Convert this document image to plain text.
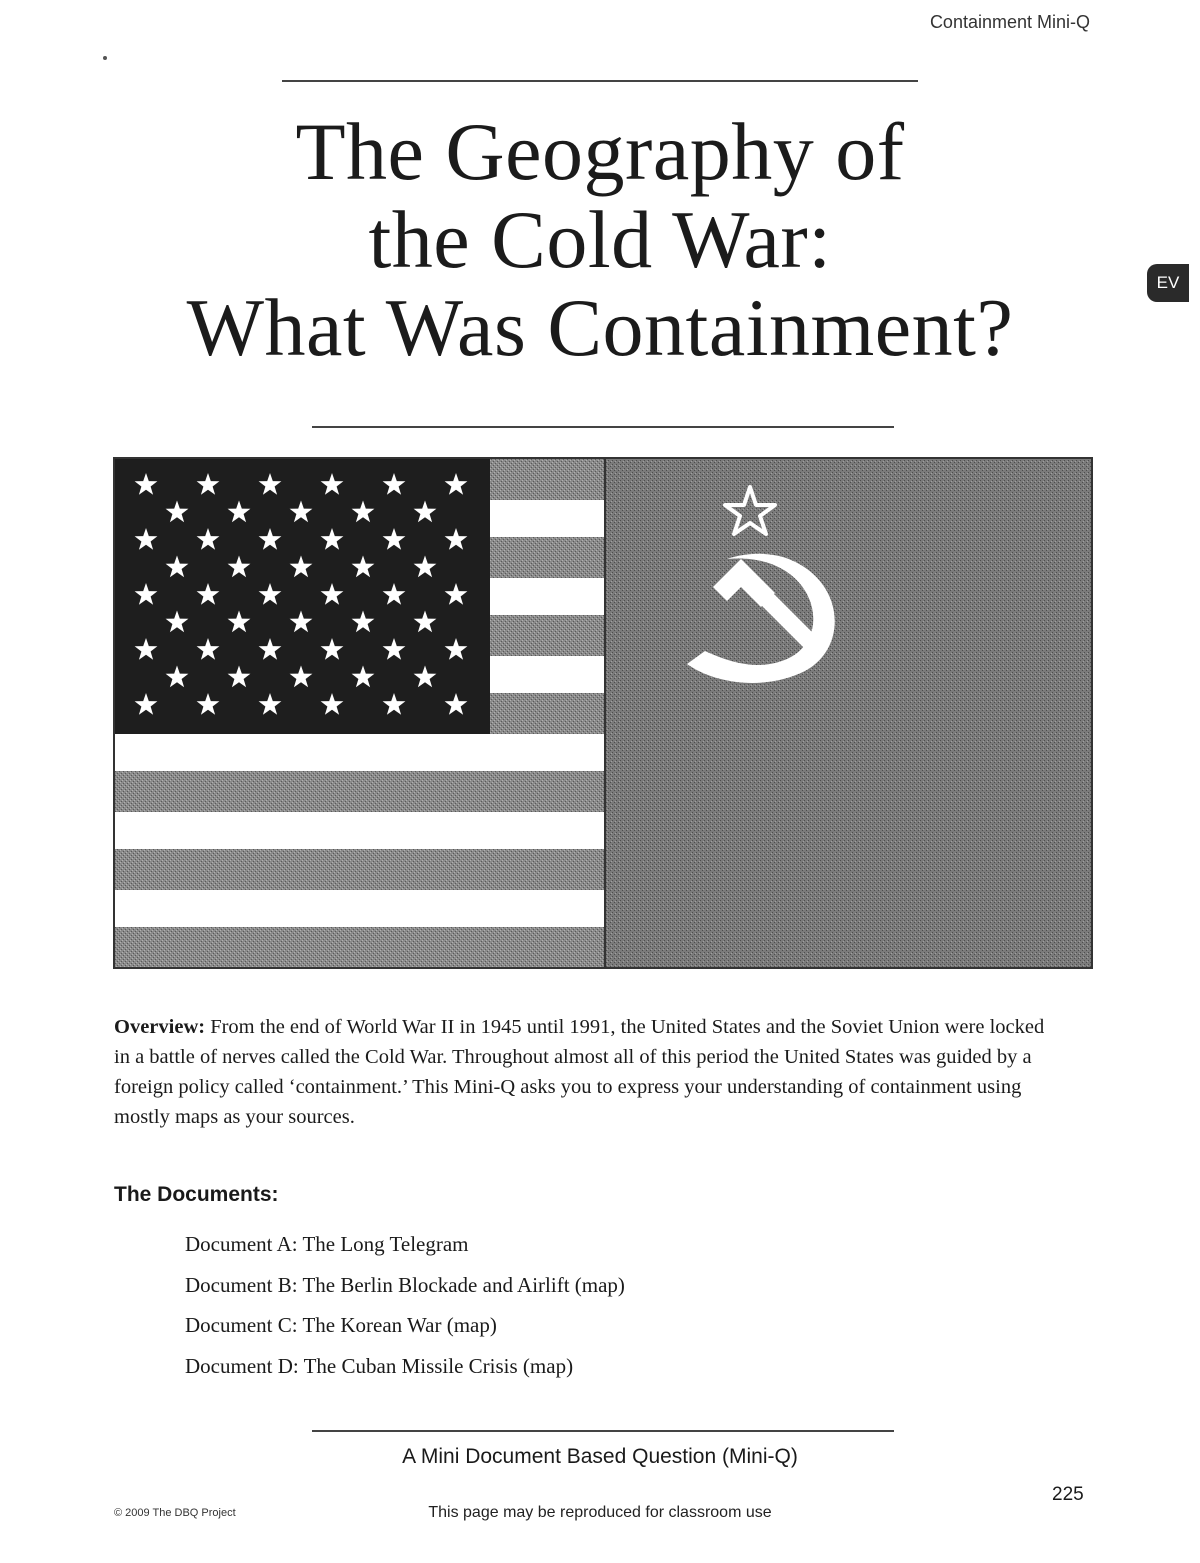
Containment Mini-Q
The Geography of
the Cold War:
What Was Containment?	EV
Overview: From the end of World War II in 1945 until 1991, the United States and the Soviet Union were locked in a battle of nerves called the Cold War. Throughout almost all of this period the United States was guided by a foreign policy called ‘containment.’ This Mini-Q asks you to express your understanding of containment using mostly maps as your sources.
The Documents:
Document A: The Long Telegram
Document B: The Berlin Blockade and Airlift (map)
Document C: The Korean War (map)
Document D: The Cuban Missile Crisis (map)
A Mini Document Based Question (Mini-Q)
225
© 2009 The DBQ Project	This page may be reproduced for classroom use
